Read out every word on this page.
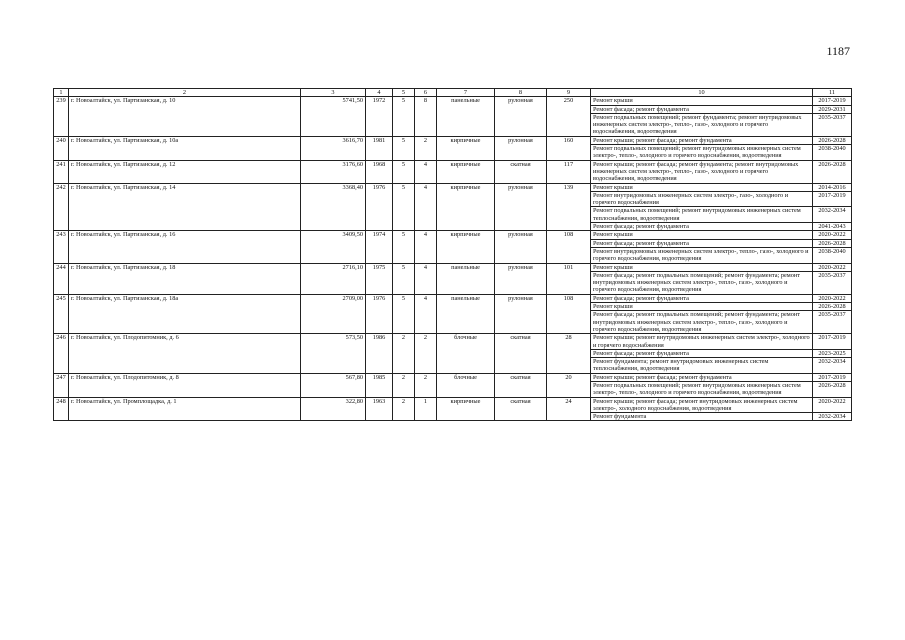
1187
1	2	3	4	5	6	7	8	9	10	11
239	г. Новоалтайск, ул. Партизанская, д. 10	5741,50	1972	5	8	панельные	рулонная	250	Ремонт крыши	2017-2019
									Ремонт фасада; ремонт фундамента	2029-2031
									Ремонт подвальных помещений; ремонт фундамента; ремонт внутридомовых инженерных систем электро-, тепло-, газо-, холодного и горячего водоснабжения, водоотведения	2035-2037
240	г. Новоалтайск, ул. Партизанская, д. 10а	3616,70	1981	5	2	кирпичные	рулонная	160	Ремонт крыши; ремонт фасада; ремонт фундамента	2026-2028
									Ремонт подвальных помещений; ремонт внутридомовых инженерных систем электро-, тепло-, холодного и горячего водоснабжения, водоотведения	2038-2040
241	г. Новоалтайск, ул. Партизанская, д. 12	3176,60	1968	5	4	кирпичные	скатная	117	Ремонт крыши; ремонт фасада; ремонт фундамента; ремонт внутридомовых инженерных систем электро-, тепло-, газо-, холодного и горячего водоснабжения, водоотведения	2026-2028
242	г. Новоалтайск, ул. Партизанская, д. 14	3368,40	1976	5	4	кирпичные	рулонная	139	Ремонт крыши	2014-2016
									Ремонт внутридомовых инженерных систем электро-, газо-, холодного и горячего водоснабжения	2017-2019
									Ремонт подвальных помещений; ремонт внутридомовых инженерных систем теплоснабжения, водоотведения	2032-2034
									Ремонт фасада; ремонт фундамента	2041-2043
243	г. Новоалтайск, ул. Партизанская, д. 16	3409,50	1974	5	4	кирпичные	рулонная	108	Ремонт крыши	2020-2022
									Ремонт фасада; ремонт фундамента	2026-2028
									Ремонт внутридомовых инженерных систем электро-, тепло-, газо-, холодного и горячего водоснабжения, водоотведения	2038-2040
244	г. Новоалтайск, ул. Партизанская, д. 18	2716,10	1975	5	4	панельные	рулонная	101	Ремонт крыши	2020-2022
									Ремонт фасада; ремонт подвальных помещений; ремонт фундамента; ремонт внутридомовых инженерных систем электро-, тепло-, газо-, холодного и горячего водоснабжения, водоотведения	2035-2037
245	г. Новоалтайск, ул. Партизанская, д. 18а	2709,00	1976	5	4	панельные	рулонная	108	Ремонт фасада; ремонт фундамента	2020-2022
									Ремонт крыши	2026-2028
									Ремонт фасада; ремонт подвальных помещений; ремонт фундамента; ремонт внутридомовых инженерных систем электро-, тепло-, газо-, холодного и горячего водоснабжения, водоотведения	2035-2037
246	г. Новоалтайск, ул. Плодопитомник, д. 6	573,50	1986	2	2	блочные	скатная	28	Ремонт крыши; ремонт внутридомовых инженерных систем электро-, холодного и горячего водоснабжения	2017-2019
									Ремонт фасада; ремонт фундамента	2023-2025
									Ремонт фундамента; ремонт внутридомовых инженерных систем теплоснабжения, водоотведения	2032-2034
247	г. Новоалтайск, ул. Плодопитомник, д. 8	567,80	1985	2	2	блочные	скатная	20	Ремонт крыши; ремонт фасада; ремонт фундамента	2017-2019
									Ремонт подвальных помещений; ремонт внутридомовых инженерных систем электро-, тепло-, холодного и горячего водоснабжения, водоотведения	2026-2028
248	г. Новоалтайск, ул. Промплощадка, д. 1	322,80	1963	2	1	кирпичные	скатная	24	Ремонт крыши; ремонт фасада; ремонт внутридомовых инженерных систем электро-, холодного водоснабжения, водоотведения	2020-2022
									Ремонт фундамента	2032-2034
